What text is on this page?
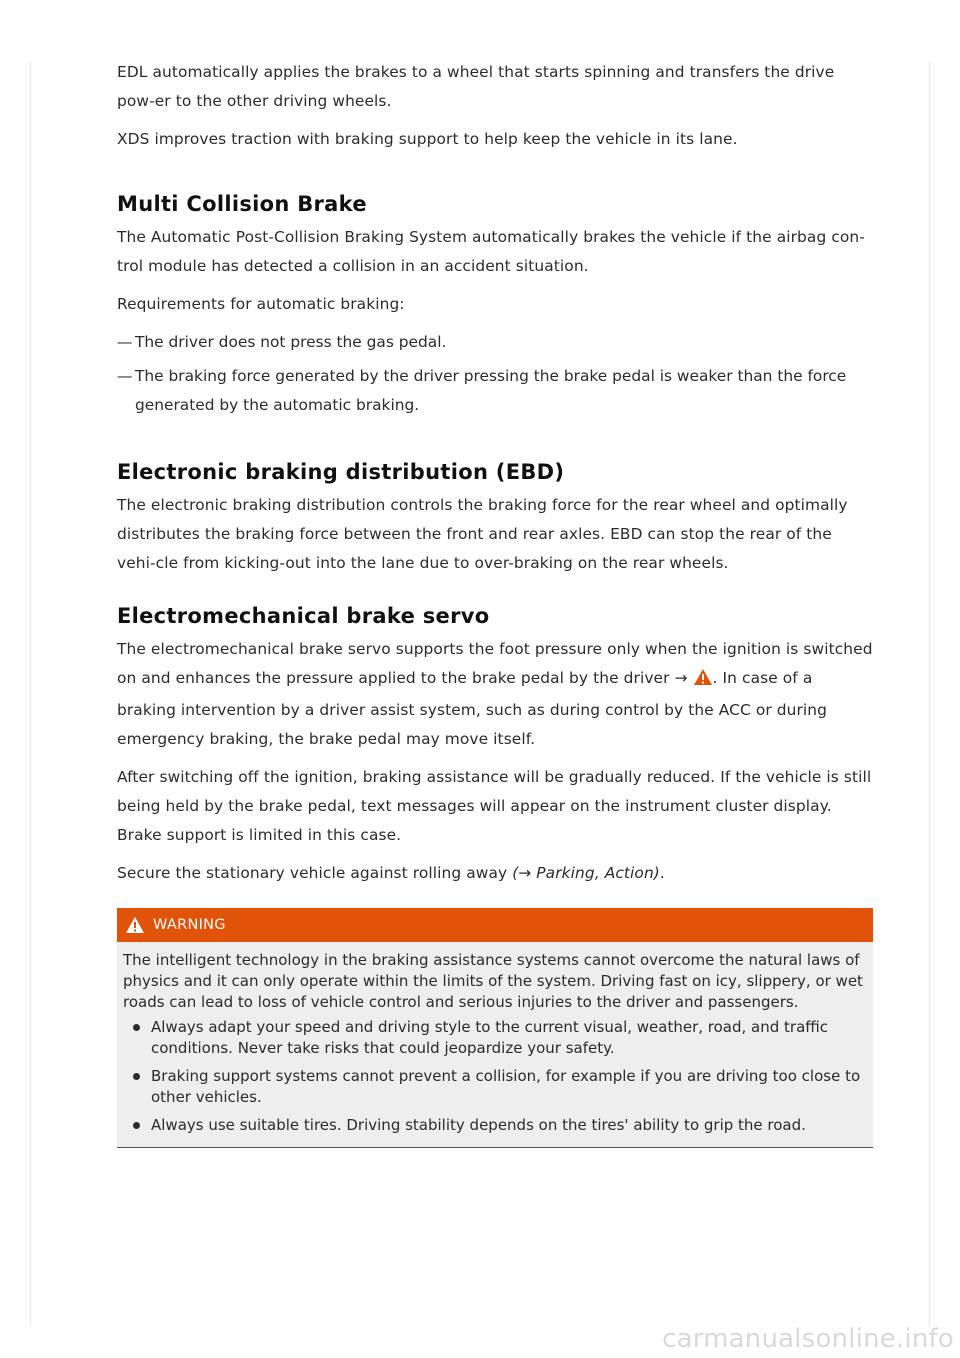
EDL automatically applies the brakes to a wheel that starts spinning and transfers the drive pow-er to the other driving wheels.

XDS improves traction with braking support to help keep the vehicle in its lane.

Multi Collision Brake

The Automatic Post-Collision Braking System automatically brakes the vehicle if the airbag con-trol module has detected a collision in an accident situation.

Requirements for automatic braking:

— The driver does not press the gas pedal.
— The braking force generated by the driver pressing the brake pedal is weaker than the force generated by the automatic braking.
Electronic braking distribution (EBD)

The electronic braking distribution controls the braking force for the rear wheel and optimally distributes the braking force between the front and rear axles. EBD can stop the rear of the vehi-cle from kicking-out into the lane due to over-braking on the rear wheels.

Electromechanical brake servo

The electromechanical brake servo supports the foot pressure only when the ignition is switched on and enhances the pressure applied to the brake pedal by the driver → . In case of a braking intervention by a driver assist system, such as during control by the ACC or during emergency braking, the brake pedal may move itself.

After switching off the ignition, braking assistance will be gradually reduced. If the vehicle is still being held by the brake pedal, text messages will appear on the instrument cluster display. Brake support is limited in this case.

Secure the stationary vehicle against rolling away (→ Parking, Action).

WARNING
The intelligent technology in the braking assistance systems cannot overcome the natural laws of physics and it can only operate within the limits of the system. Driving fast on icy, slippery, or wet roads can lead to loss of vehicle control and serious injuries to the driver and passengers.
Always adapt your speed and driving style to the current visual, weather, road, and traffic conditions. Never take risks that could jeopardize your safety.
Braking support systems cannot prevent a collision, for example if you are driving too close to other vehicles.
Always use suitable tires. Driving stability depends on the tires' ability to grip the road.
carmanualsonline.info
